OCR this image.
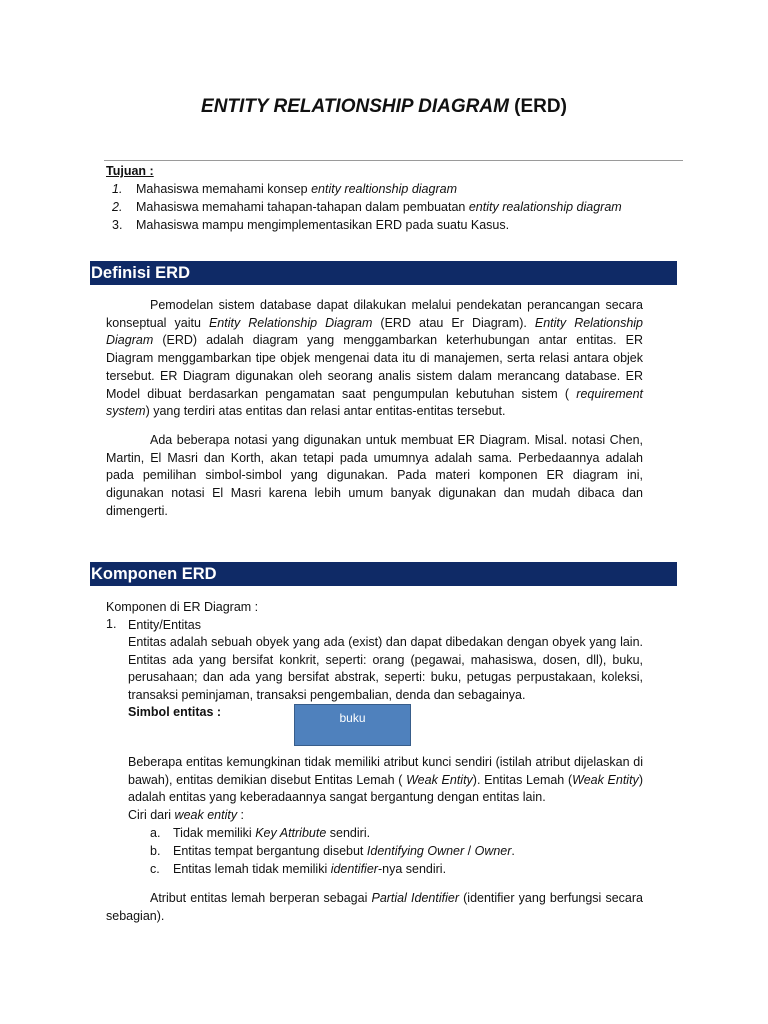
ENTITY RELATIONSHIP DIAGRAM (ERD)
Tujuan :
1. Mahasiswa memahami konsep entity realtionship diagram
2. Mahasiswa memahami tahapan-tahapan dalam pembuatan entity realationship diagram
3. Mahasiswa mampu mengimplementasikan ERD pada suatu Kasus.
Definisi ERD

Pemodelan sistem database dapat dilakukan melalui pendekatan perancangan secara konseptual yaitu Entity Relationship Diagram (ERD atau Er Diagram). Entity Relationship Diagram (ERD) adalah diagram yang menggambarkan keterhubungan antar entitas. ER Diagram menggambarkan tipe objek mengenai data itu di manajemen, serta relasi antara objek tersebut. ER Diagram digunakan oleh seorang analis sistem dalam merancang database. ER Model dibuat berdasarkan pengamatan saat pengumpulan kebutuhan sistem ( requirement system) yang terdiri atas entitas dan relasi antar entitas-entitas tersebut.

Ada beberapa notasi yang digunakan untuk membuat ER Diagram. Misal. notasi Chen, Martin, El Masri dan Korth, akan tetapi pada umumnya adalah sama. Perbedaannya adalah pada pemilihan simbol-simbol yang digunakan. Pada materi komponen ER diagram ini, digunakan notasi El Masri karena lebih umum banyak digunakan dan mudah dibaca dan dimengerti.

Komponen ERD
Komponen di ER Diagram :
1. Entity/Entitas
Entitas adalah sebuah obyek yang ada (exist) dan dapat dibedakan dengan obyek yang lain. Entitas ada yang bersifat konkrit, seperti: orang (pegawai, mahasiswa, dosen, dll), buku, perusahaan; dan ada yang bersifat abstrak, seperti: buku, petugas perpustakaan, koleksi, transaksi peminjaman, transaksi pengembalian, denda dan sebagainya.
Simbol entitas :	buku
Beberapa entitas kemungkinan tidak memiliki atribut kunci sendiri (istilah atribut dijelaskan di bawah), entitas demikian disebut Entitas Lemah ( Weak Entity). Entitas Lemah (Weak Entity) adalah entitas yang keberadaannya sangat bergantung dengan entitas lain.
Ciri dari weak entity :
a. Tidak memiliki Key Attribute sendiri.
b. Entitas tempat bergantung disebut Identifying Owner / Owner.
c. Entitas lemah tidak memiliki identifier-nya sendiri.

Atribut entitas lemah berperan sebagai Partial Identifier (identifier yang berfungsi secara sebagian).
